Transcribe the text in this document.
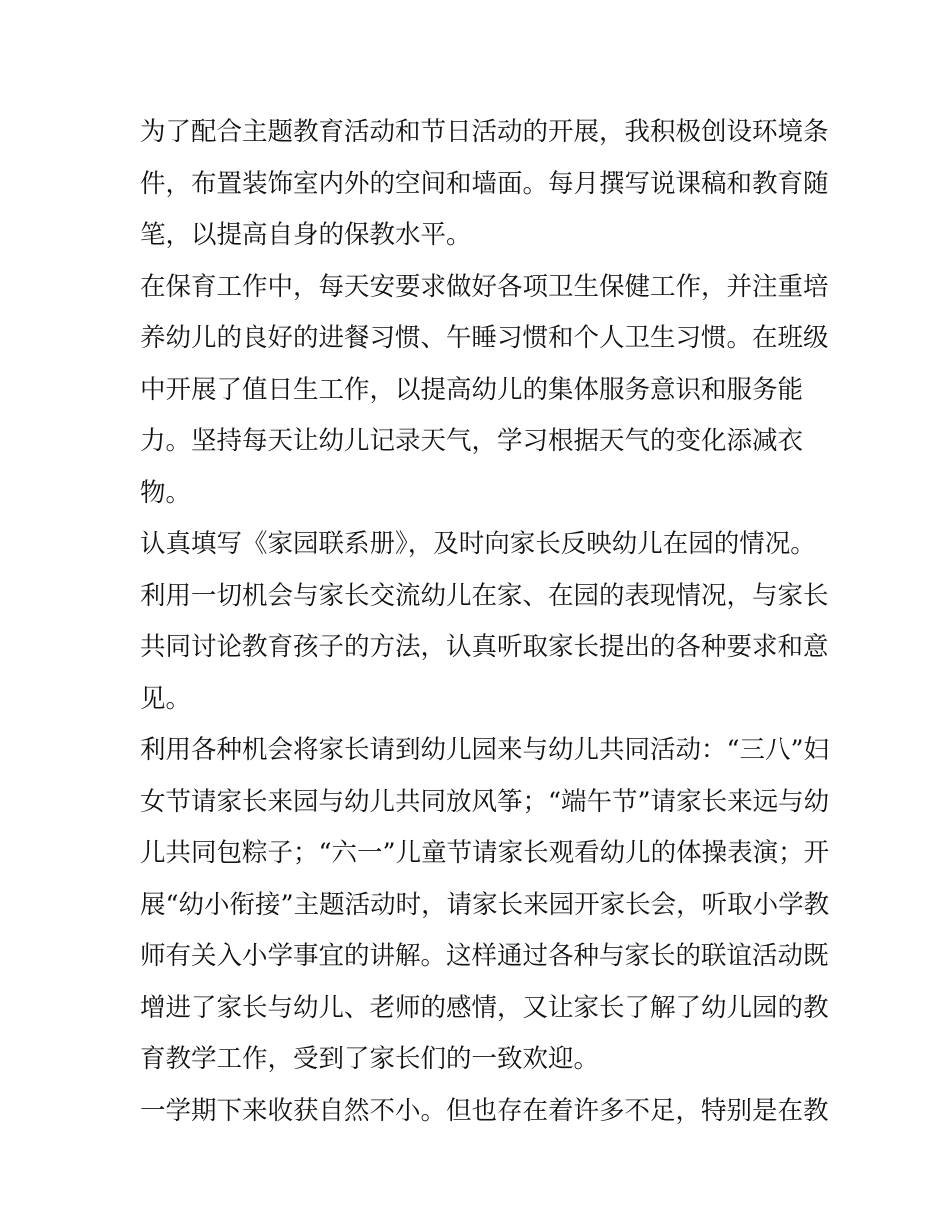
为了配合主题教育活动和节日活动的开展，我积极创设环境条
件，布置装饰室内外的空间和墙面。每月撰写说课稿和教育随
笔，以提高自身的保教水平。
在保育工作中，每天安要求做好各项卫生保健工作，并注重培
养幼儿的良好的进餐习惯、午睡习惯和个人卫生习惯。在班级
中开展了值日生工作，以提高幼儿的集体服务意识和服务能
力。坚持每天让幼儿记录天气，学习根据天气的变化添减衣
物。
认真填写《家园联系册》，及时向家长反映幼儿在园的情况。
利用一切机会与家长交流幼儿在家、在园的表现情况，与家长
共同讨论教育孩子的方法，认真听取家长提出的各种要求和意
见。
利用各种机会将家长请到幼儿园来与幼儿共同活动：“三八”妇
女节请家长来园与幼儿共同放风筝；“端午节”请家长来远与幼
儿共同包粽子；“六一”儿童节请家长观看幼儿的体操表演；开
展“幼小衔接”主题活动时，请家长来园开家长会，听取小学教
师有关入小学事宜的讲解。这样通过各种与家长的联谊活动既
增进了家长与幼儿、老师的感情，又让家长了解了幼儿园的教
育教学工作，受到了家长们的一致欢迎。
一学期下来收获自然不小。但也存在着许多不足，特别是在教
